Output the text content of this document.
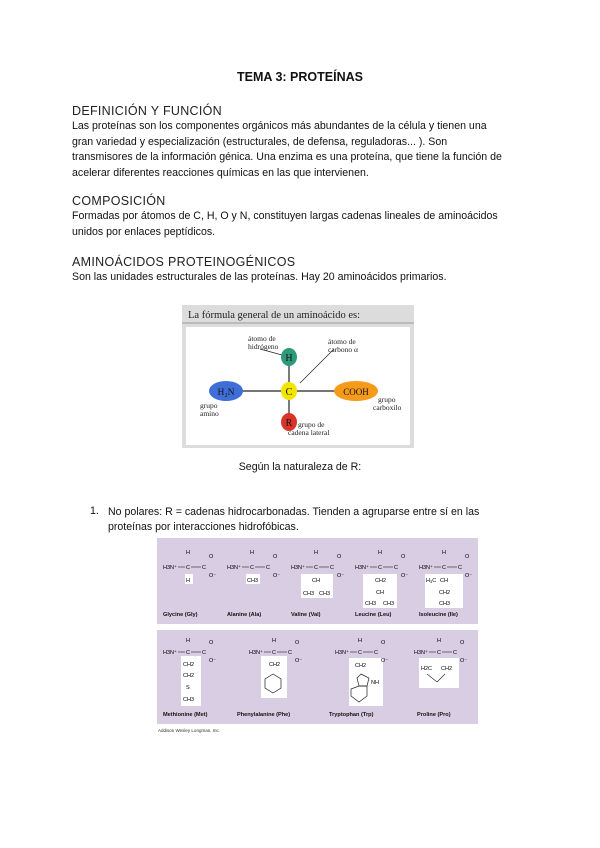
TEMA 3: PROTEÍNAS
DEFINICIÓN Y FUNCIÓN
Las proteínas son los componentes orgánicos más abundantes de la célula y tienen una
gran variedad y especialización (estructurales, de defensa, reguladoras... ). Son
transmisores de la información génica. Una enzima es una proteína, que tiene la función de
acelerar diferentes reacciones químicas en las que intervienen.
COMPOSICIÓN
Formadas por átomos de C, H, O y N, constituyen largas cadenas lineales de aminoácidos
unidos por enlaces peptídicos.
AMINOÁCIDOS PROTEINOGÉNICOS
Son las unidades estructurales de las proteínas. Hay 20 aminoácidos primarios.
La fórmula general de un aminoácido es:
H
C
H₂N	COOH
R
átomo de hidrógeno
átomo de carbono α
grupo amino
grupo carboxilo
grupo de cadena lateral
Según la naturaleza de R:
1. No polares: R = cadenas hidrocarbonadas. Tienden a agruparse entre sí en las proteínas por interacciones hidrofóbicas.
H
H3N⁺ C C
O
O⁻
H
Glycine (Gly)
H
H3N⁺ C C
O
O⁻
CH3
Alanine (Ala)
H
H3N⁺ C C
O
O⁻
CH
CH3 CH3
Valine (Val)
H
H3N⁺ C C
O
O⁻
CH2
CH
CH3 CH3
Leucine (Leu)
H
H3N⁺ C C
O
O⁻
H3C CH
CH2
CH3
Isoleucine (Ile)
H
H3N⁺ C C
O
O⁻
CH2
CH2
S
CH3
Methionine (Met)
H
H3N⁺ C C
O
O⁻
CH2
Phenylalanine (Phe)
H
H3N⁺ C C
O
O⁻
CH2
NH
Tryptophan (Trp)
H
H3N⁺ C C
O
O⁻
H2C CH2
Proline (Pro)
Addison Wesley Longman, Inc.
